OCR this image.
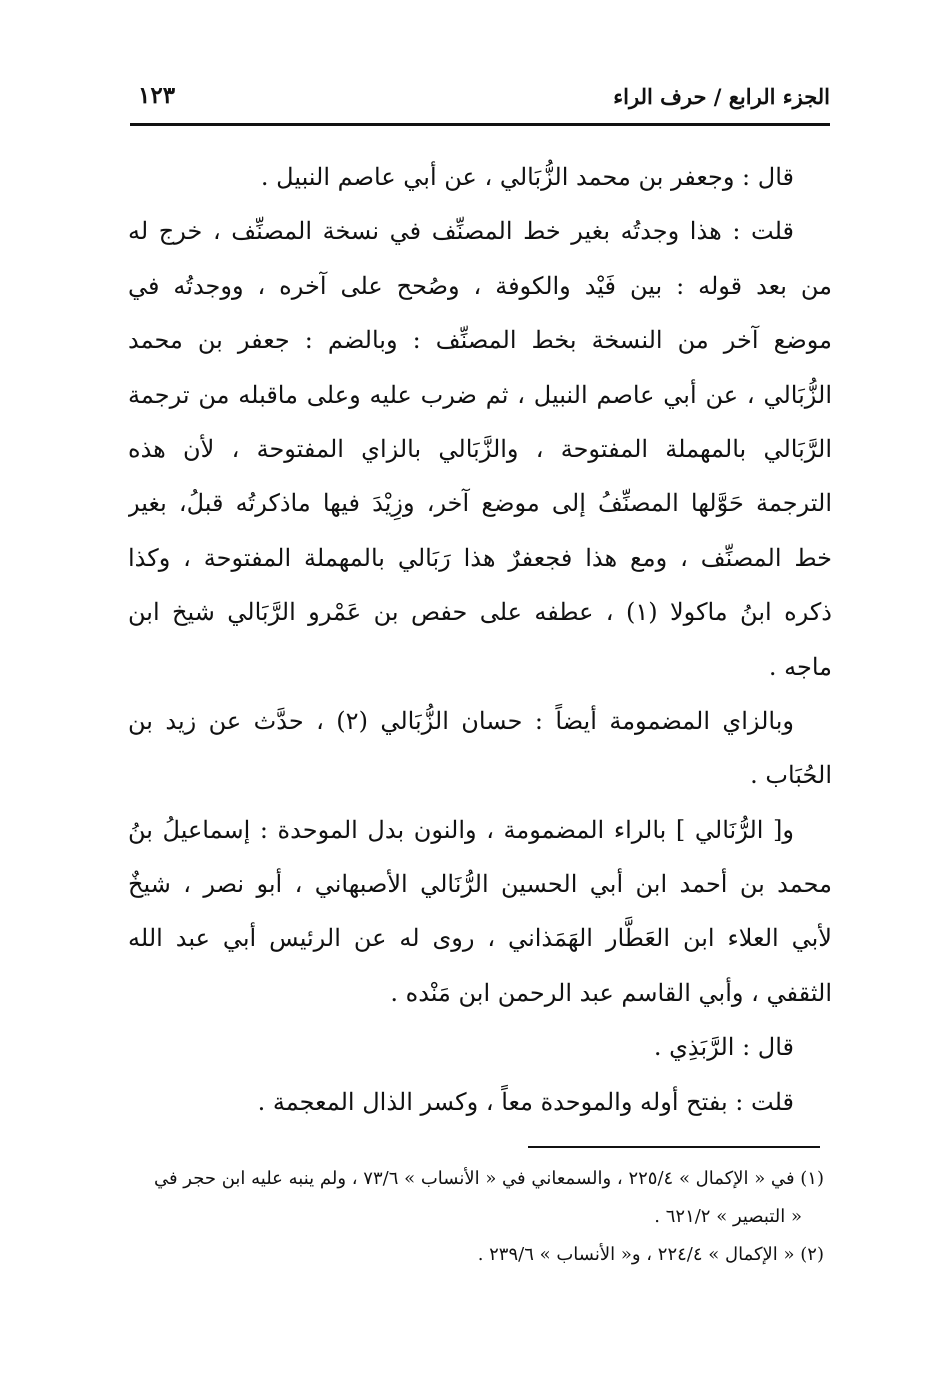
الجزء الرابع / حرف الراء
١٢٣
قال : وجعفر بن محمد الزُّبَالي ، عن أبي عاصم النبيل .
قلت : هذا وجدتُه بغير خط المصنِّف في نسخة المصنِّف ، خرج له
من بعد قوله : بين فَيْد والكوفة ، وصُحح على آخره ، ووجدتُه في
موضع آخر من النسخة بخط المصنِّف : وبالضم : جعفر بن محمد
الزُّبَالي ، عن أبي عاصم النبيل ، ثم ضرب عليه وعلى ماقبله من ترجمة
الرَّبَالي بالمهملة المفتوحة ، والزَّبَالي بالزاي المفتوحة ، لأن هذه
الترجمة حَوَّلها المصنِّفُ إلى موضع آخر، وزِيْدَ فيها ماذكرتُه قبلُ، بغير
خط المصنِّف ، ومع هذا فجعفرٌ هذا رَبَالي بالمهملة المفتوحة ، وكذا
ذكره ابنُ ماكولا (١) ، عطفه على حفص بن عَمْرو الرَّبَالي شيخ ابن
ماجه .
وبالزاي المضمومة أيضاً : حسان الزُّبَالي (٢) ، حدَّث عن زيد بن
الحُبَاب .
و[ الرُّنَالي ] بالراء المضمومة ، والنون بدل الموحدة : إسماعيلُ بنُ
محمد بن أحمد ابن أبي الحسين الرُّنَالي الأصبهاني ، أبو نصر ، شيخٌ
لأبي العلاء ابن العَطَّار الهَمَذاني ، روى له عن الرئيس أبي عبد الله
الثقفي ، وأبي القاسم عبد الرحمن ابن مَنْده .
قال : الرَّبَذِي .
قلت : بفتح أوله والموحدة معاً ، وكسر الذال المعجمة .
(١) في « الإكمال » ٢٢٥/٤ ، والسمعاني في « الأنساب » ٧٣/٦ ، ولم ينبه عليه ابن حجر في
« التبصير » ٦٢١/٢ .
(٢) « الإكمال » ٢٢٤/٤ ، و« الأنساب » ٢٣٩/٦ .
